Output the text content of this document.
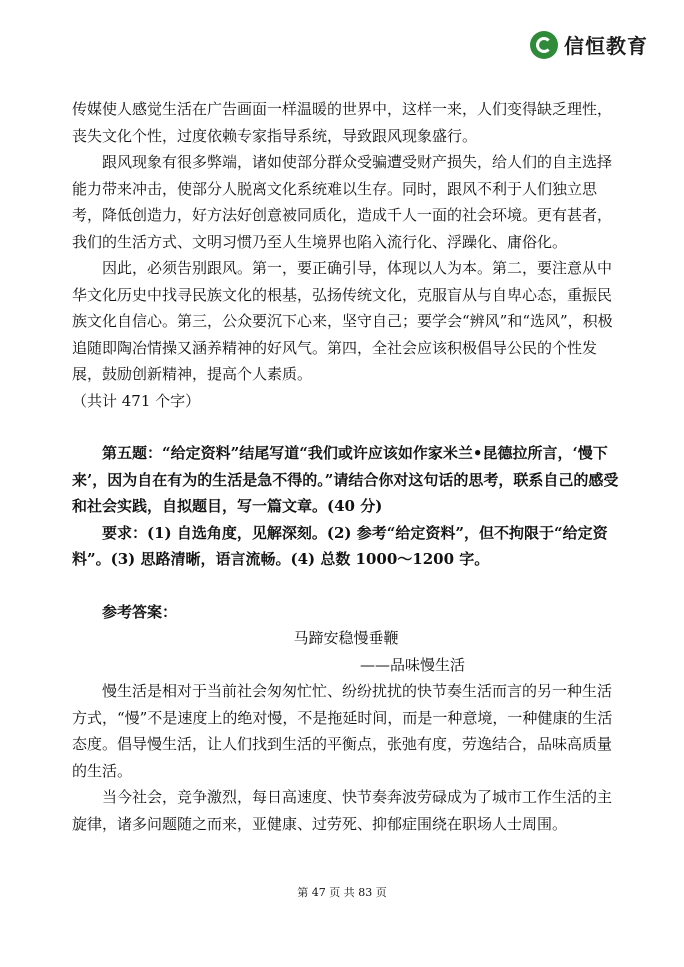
信恒教育

传媒使人感觉生活在广告画面一样温暖的世界中，这样一来，人们变得缺乏理性，丧失文化个性，过度依赖专家指导系统，导致跟风现象盛行。

跟风现象有很多弊端，诸如使部分群众受骗遭受财产损失，给人们的自主选择能力带来冲击，使部分人脱离文化系统难以生存。同时，跟风不利于人们独立思考，降低创造力，好方法好创意被同质化，造成千人一面的社会环境。更有甚者，我们的生活方式、文明习惯乃至人生境界也陷入流行化、浮躁化、庸俗化。

因此，必须告别跟风。第一，要正确引导，体现以人为本。第二，要注意从中华文化历史中找寻民族文化的根基，弘扬传统文化，克服盲从与自卑心态，重振民族文化自信心。第三，公众要沉下心来，坚守自己；要学会“辨风”和“选风”，积极追随即陶冶情操又涵养精神的好风气。第四，全社会应该积极倡导公民的个性发展，鼓励创新精神，提高个人素质。

（共计 471 个字）

第五题：“给定资料”结尾写道“我们或许应该如作家米兰•昆德拉所言，‘慢下来’，因为自在有为的生活是急不得的。”请结合你对这句话的思考，联系自己的感受和社会实践，自拟题目，写一篇文章。(40 分)

要求：(1) 自选角度，见解深刻。(2) 参考“给定资料”，但不拘限于“给定资料”。(3) 思路清晰，语言流畅。(4) 总数 1000～1200 字。

参考答案：

马蹄安稳慢垂鞭

——品味慢生活

慢生活是相对于当前社会匆匆忙忙、纷纷扰扰的快节奏生活而言的另一种生活方式，“慢”不是速度上的绝对慢，不是拖延时间，而是一种意境，一种健康的生活态度。倡导慢生活，让人们找到生活的平衡点，张弛有度，劳逸结合，品味高质量的生活。

当今社会，竞争激烈，每日高速度、快节奏奔波劳碌成为了城市工作生活的主旋律，诸多问题随之而来，亚健康、过劳死、抑郁症围绕在职场人士周围。

第 47 页 共 83 页
